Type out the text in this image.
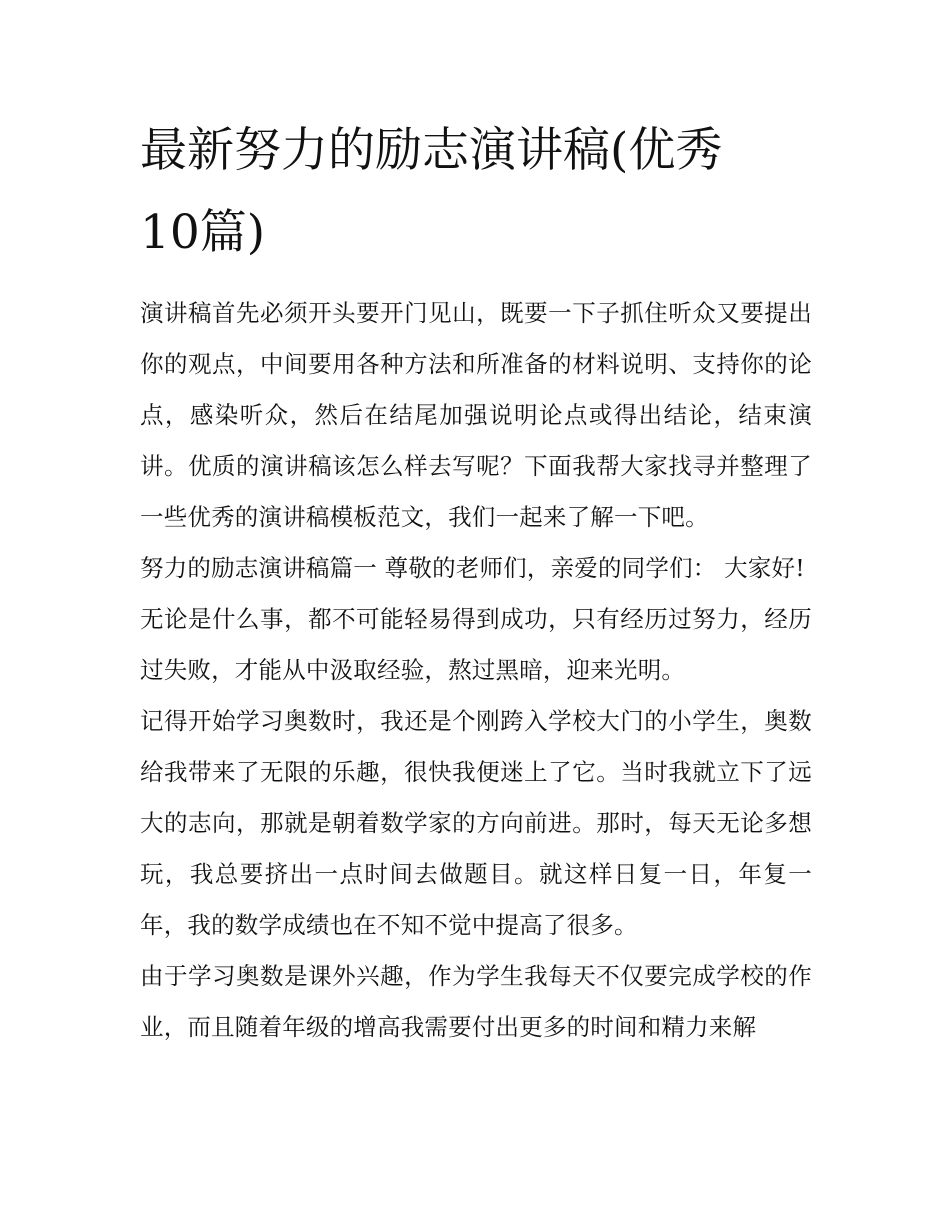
最新努力的励志演讲稿(优秀10篇)

演讲稿首先必须开头要开门见山，既要一下子抓住听众又要提出你的观点，中间要用各种方法和所准备的材料说明、支持你的论点，感染听众，然后在结尾加强说明论点或得出结论，结束演讲。优质的演讲稿该怎么样去写呢？下面我帮大家找寻并整理了一些优秀的演讲稿模板范文，我们一起来了解一下吧。

努力的励志演讲稿篇一 尊敬的老师们，亲爱的同学们： 大家好!

无论是什么事，都不可能轻易得到成功，只有经历过努力，经历过失败，才能从中汲取经验，熬过黑暗，迎来光明。

记得开始学习奥数时，我还是个刚跨入学校大门的小学生，奥数给我带来了无限的乐趣，很快我便迷上了它。当时我就立下了远大的志向，那就是朝着数学家的方向前进。那时，每天无论多想玩，我总要挤出一点时间去做题目。就这样日复一日，年复一年，我的数学成绩也在不知不觉中提高了很多。

由于学习奥数是课外兴趣，作为学生我每天不仅要完成学校的作业，而且随着年级的增高我需要付出更多的时间和精力来解
